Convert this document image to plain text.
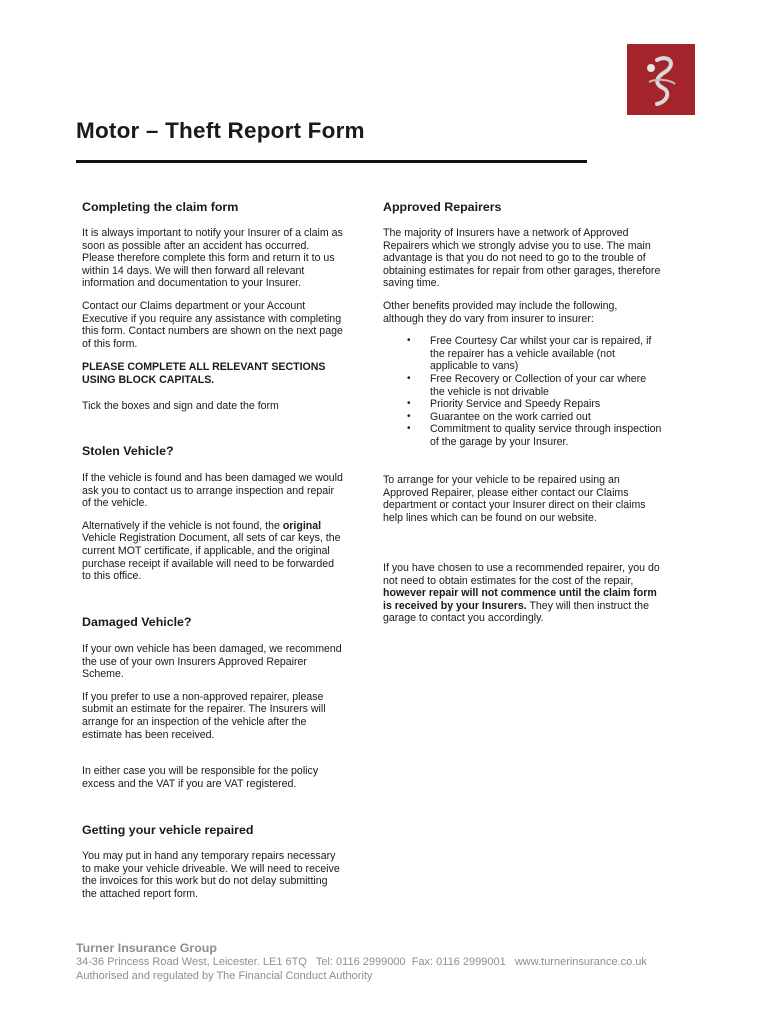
Motor – Theft Report Form

Completing the claim form

It is always important to notify your Insurer of a claim as
soon as possible after an accident has occurred.
Please therefore complete this form and return it to us
within 14 days. We will then forward all relevant
information and documentation to your Insurer.

Contact our Claims department or your Account
Executive if you require any assistance with completing
this form. Contact numbers are shown on the next page
of this form.

PLEASE COMPLETE ALL RELEVANT SECTIONS
USING BLOCK CAPITALS.

Tick the boxes and sign and date the form

Stolen Vehicle?

If the vehicle is found and has been damaged we would
ask you to contact us to arrange inspection and repair
of the vehicle.

Alternatively if the vehicle is not found, the original
Vehicle Registration Document, all sets of car keys, the
current MOT certificate, if applicable, and the original
purchase receipt if available will need to be forwarded
to this office.

Damaged Vehicle?

If your own vehicle has been damaged, we recommend
the use of your own Insurers Approved Repairer
Scheme.

If you prefer to use a non-approved repairer, please
submit an estimate for the repairer. The Insurers will
arrange for an inspection of the vehicle after the
estimate has been received.

In either case you will be responsible for the policy
excess and the VAT if you are VAT registered.

Getting your vehicle repaired

You may put in hand any temporary repairs necessary
to make your vehicle driveable. We will need to receive
the invoices for this work but do not delay submitting
the attached report form.

Approved Repairers

The majority of Insurers have a network of Approved
Repairers which we strongly advise you to use. The main
advantage is that you do not need to go to the trouble of
obtaining estimates for repair from other garages, therefore
saving time.

Other benefits provided may include the following,
although they do vary from insurer to insurer:

• Free Courtesy Car whilst your car is repaired, if
the repairer has a vehicle available (not
applicable to vans)
• Free Recovery or Collection of your car where
the vehicle is not drivable
• Priority Service and Speedy Repairs
• Guarantee on the work carried out
• Commitment to quality service through inspection
of the garage by your Insurer.

To arrange for your vehicle to be repaired using an
Approved Repairer, please either contact our Claims
department or contact your Insurer direct on their claims
help lines which can be found on our website.

If you have chosen to use a recommended repairer, you do
not need to obtain estimates for the cost of the repair,
however repair will not commence until the claim form
is received by your Insurers. They will then instruct the
garage to contact you accordingly.

Turner Insurance Group
34-36 Princess Road West, Leicester. LE1 6TQ   Tel: 0116 2999000  Fax: 0116 2999001   www.turnerinsurance.co.uk
Authorised and regulated by The Financial Conduct Authority
